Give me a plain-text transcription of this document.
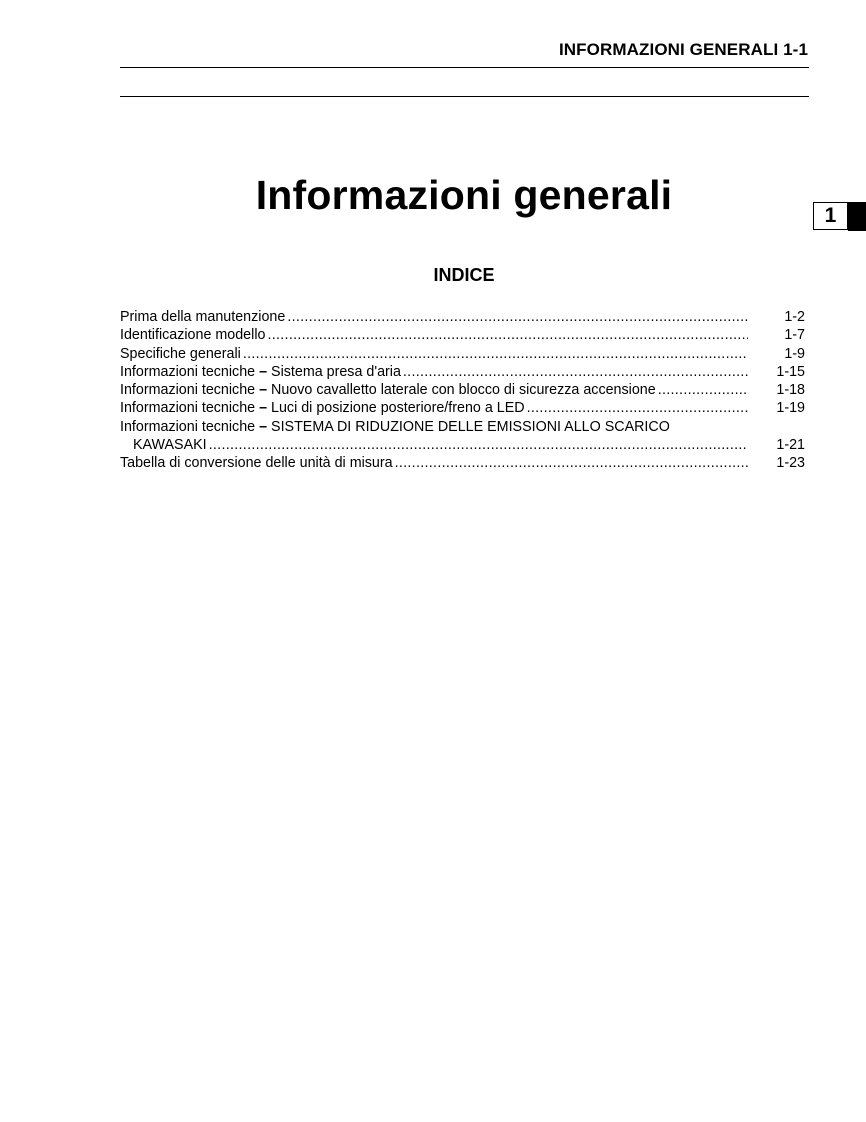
INFORMAZIONI GENERALI 1-1
Informazioni generali	1
INDICE
Prima della manutenzione .....	1-2
Identificazione modello .....	1-7
Specifiche generali .....	1-9
Informazioni tecniche – Sistema presa d'aria .....	1-15
Informazioni tecniche – Nuovo cavalletto laterale con blocco di sicurezza accensione .....	1-18
Informazioni tecniche – Luci di posizione posteriore/freno a LED .....	1-19
Informazioni tecniche – SISTEMA DI RIDUZIONE DELLE EMISSIONI ALLO SCARICO
KAWASAKI .....	1-21
Tabella di conversione delle unità di misura .....	1-23
